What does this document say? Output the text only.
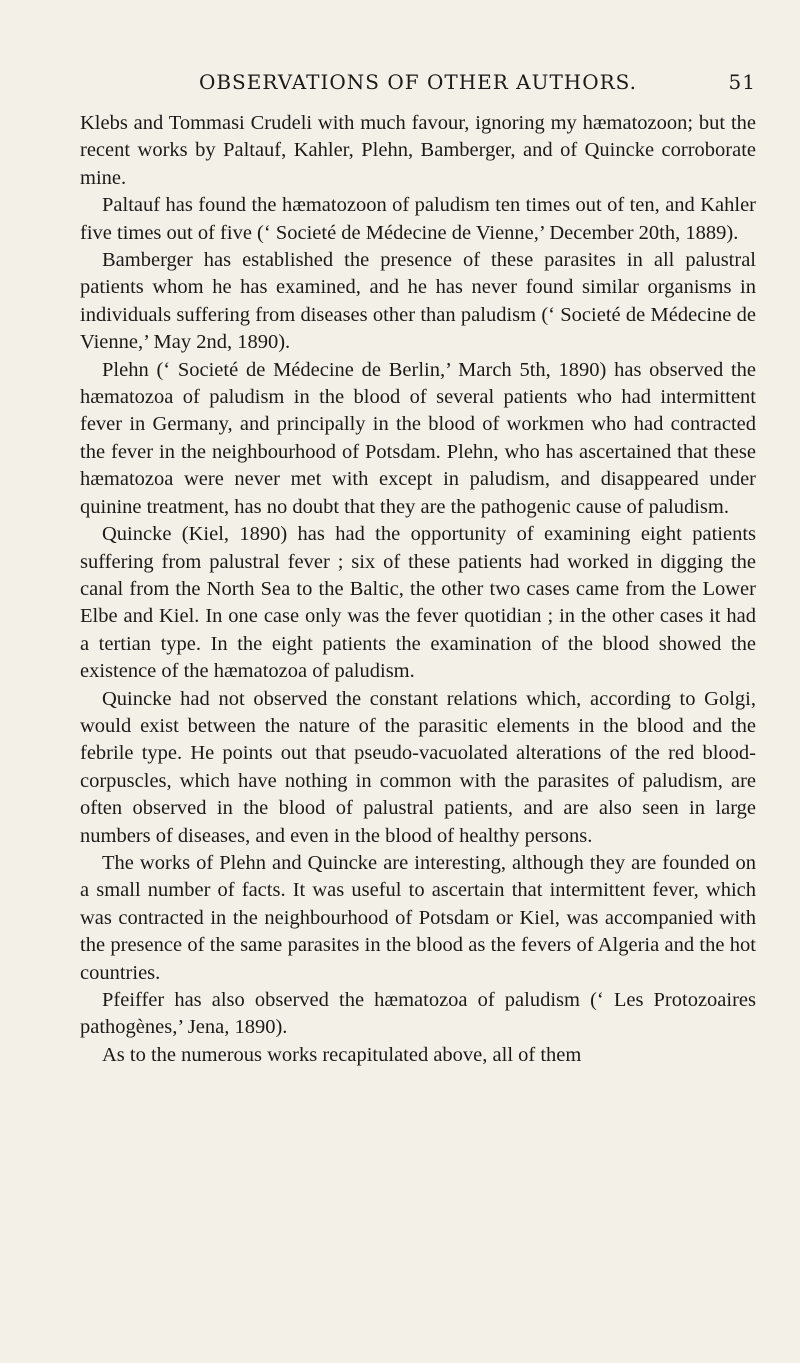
OBSERVATIONS OF OTHER AUTHORS.	51

Klebs and Tommasi Crudeli with much favour, ignoring my hæmatozoon; but the recent works by Paltauf, Kahler, Plehn, Bamberger, and of Quincke corroborate mine.

Paltauf has found the hæmatozoon of paludism ten times out of ten, and Kahler five times out of five (‘ Societé de Médecine de Vienne,’ December 20th, 1889).

Bamberger has established the presence of these parasites in all palustral patients whom he has examined, and he has never found similar organisms in individuals suffering from diseases other than paludism (‘ Societé de Médecine de Vienne,’ May 2nd, 1890).

Plehn (‘ Societé de Médecine de Berlin,’ March 5th, 1890) has observed the hæmatozoa of paludism in the blood of several patients who had intermittent fever in Germany, and principally in the blood of workmen who had contracted the fever in the neighbourhood of Potsdam. Plehn, who has ascertained that these hæmatozoa were never met with except in paludism, and disappeared under quinine treatment, has no doubt that they are the pathogenic cause of paludism.

Quincke (Kiel, 1890) has had the opportunity of examining eight patients suffering from palustral fever ; six of these patients had worked in digging the canal from the North Sea to the Baltic, the other two cases came from the Lower Elbe and Kiel. In one case only was the fever quotidian ; in the other cases it had a tertian type. In the eight patients the examination of the blood showed the existence of the hæmatozoa of paludism.

Quincke had not observed the constant relations which, according to Golgi, would exist between the nature of the parasitic elements in the blood and the febrile type. He points out that pseudo-vacuolated alterations of the red blood-corpuscles, which have nothing in common with the parasites of paludism, are often observed in the blood of palustral patients, and are also seen in large numbers of diseases, and even in the blood of healthy persons.

The works of Plehn and Quincke are interesting, although they are founded on a small number of facts. It was useful to ascertain that intermittent fever, which was contracted in the neighbourhood of Potsdam or Kiel, was accompanied with the presence of the same parasites in the blood as the fevers of Algeria and the hot countries.

Pfeiffer has also observed the hæmatozoa of paludism (‘ Les Protozoaires pathogènes,’ Jena, 1890).

As to the numerous works recapitulated above, all of them
